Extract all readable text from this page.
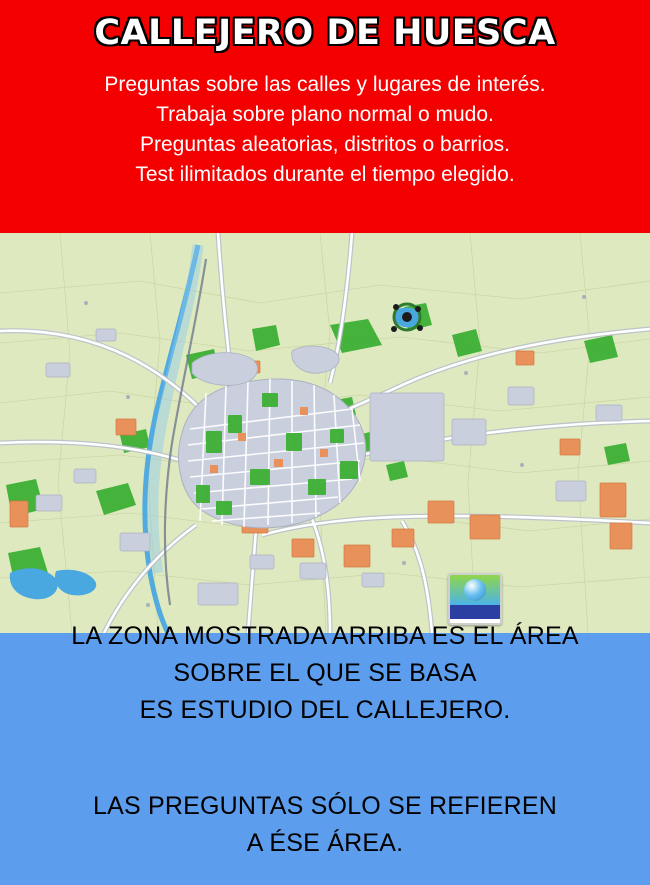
CALLEJERO DE HUESCA
Preguntas sobre las calles y lugares de interés.
Trabaja sobre plano normal o mudo.
Preguntas aleatorias, distritos o barrios.
Test ilimitados durante el tiempo elegido.
LA ZONA MOSTRADA ARRIBA ES EL ÁREA
SOBRE EL QUE SE BASA
ES ESTUDIO DEL CALLEJERO.
LAS PREGUNTAS SÓLO SE REFIEREN
A ÉSE ÁREA.
